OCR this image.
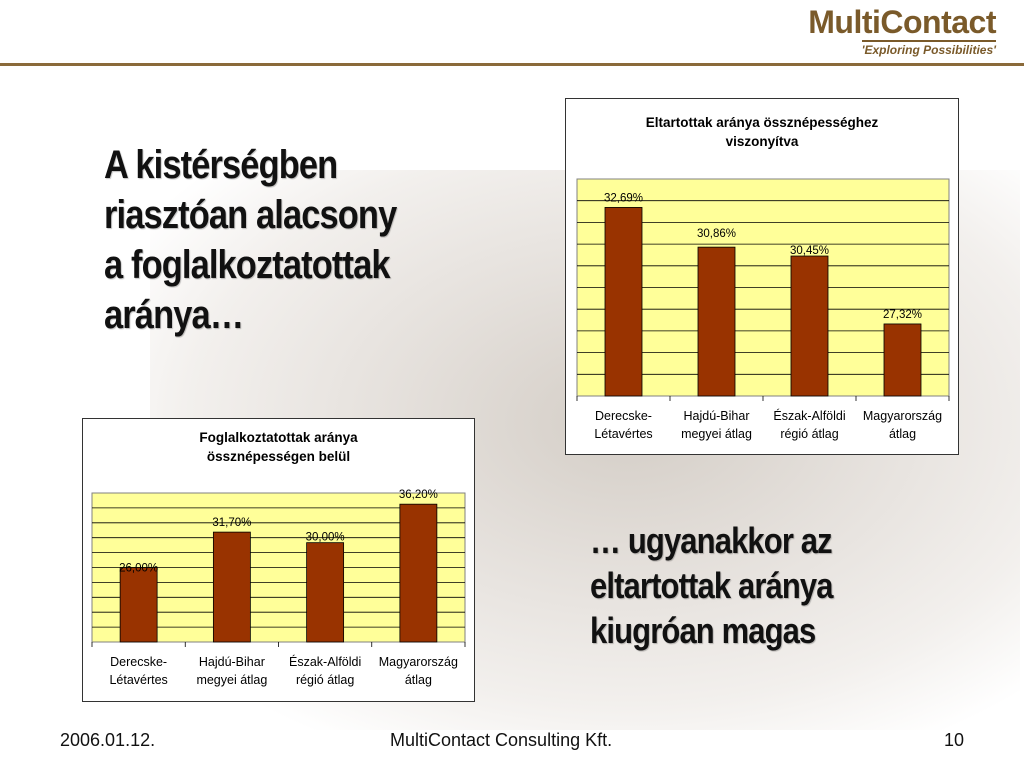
MultiContact
'Exploring Possibilities'
A kistérségben
riasztóan alacsony
a foglalkoztatottak
aránya…
… ugyanakkor az
eltartottak aránya
kiugróan magas
Eltartottak aránya össznépességhez
viszonyítva
32,69%
Derecske-
Létavértes
30,86%
Hajdú-Bihar
megyei átlag
30,45%
Észak-Alföldi
régió átlag
27,32%
Magyarország
átlag
Foglalkoztatottak aránya
össznépességen belül
26,00%
Derecske-
Létavértes
31,70%
Hajdú-Bihar
megyei átlag
30,00%
Észak-Alföldi
régió átlag
36,20%
Magyarország
átlag
2006.01.12.	MultiContact Consulting Kft.	10
